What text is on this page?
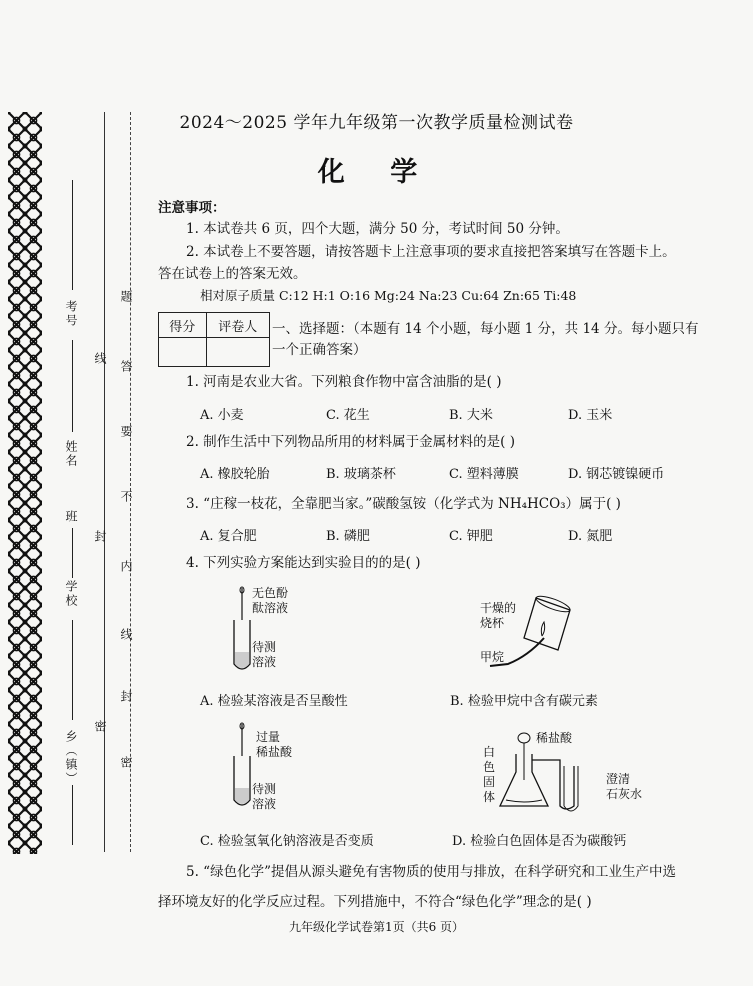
考号
姓名
班
学校
乡（镇）
线
封
密
线
封
密
题
答
要
不
内
2024～2025 学年九年级第一次教学质量检测试卷
化 学
注意事项：
1. 本试卷共 6 页，四个大题，满分 50 分，考试时间 50 分钟。
2. 本试卷上不要答题，请按答题卡上注意事项的要求直接把答案填写在答题卡上。
答在试卷上的答案无效。
相对原子质量 C:12 H:1 O:16 Mg:24 Na:23 Cu:64 Zn:65 Ti:48
得分	评卷人
	一、选择题：（本题有 14 个小题，每小题 1 分，共 14 分。每小题只有
一个正确答案）
1. 河南是农业大省。下列粮食作物中富含油脂的是( )
A. 小麦	C. 花生	B. 大米	D. 玉米
2. 制作生活中下列物品所用的材料属于金属材料的是( )
A. 橡胶轮胎	B. 玻璃茶杯	C. 塑料薄膜	D. 钢芯镀镍硬币
3. “庄稼一枝花，全靠肥当家。”碳酸氢铵（化学式为 NH₄HCO₃）属于( )
A. 复合肥	B. 磷肥	C. 钾肥	D. 氮肥
4. 下列实验方案能达到实验目的的是( )
无色酚
酞溶液
待测
溶液
A. 检验某溶液是否呈酸性
干燥的
烧杯
甲烷
B. 检验甲烷中含有碳元素
过量
稀盐酸
待测
溶液
C. 检验氢氧化钠溶液是否变质
稀盐酸
白
色
固
体
澄清
石灰水
D. 检验白色固体是否为碳酸钙
5. “绿色化学”提倡从源头避免有害物质的使用与排放，在科学研究和工业生产中选
择环境友好的化学反应过程。下列措施中，不符合“绿色化学”理念的是( )
九年级化学试卷第1页（共6 页）
